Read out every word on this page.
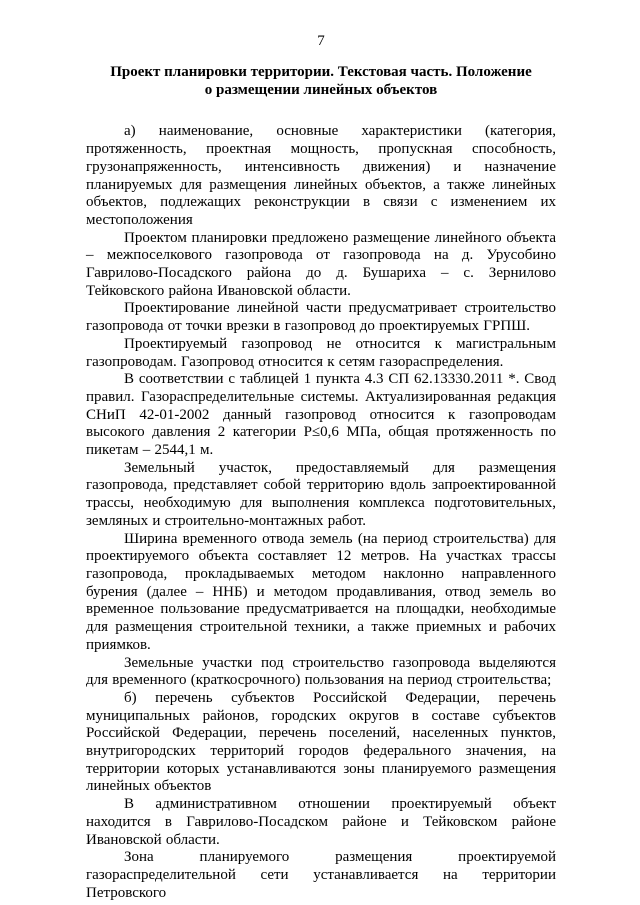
7
Проект планировки территории. Текстовая часть. Положение
о размещении линейных объектов

а) наименование, основные характеристики (категория, протяженность, проектная мощность, пропускная способность, грузонапряженность, интенсивность движения) и назначение планируемых для размещения линейных объектов, а также линейных объектов, подлежащих реконструкции в связи с изменением их местоположения

Проектом планировки предложено размещение линейного объекта – межпоселкового газопровода от газопровода на д. Урусобино Гаврилово-Посадского района до д. Бушариха – с. Зернилово Тейковского района Ивановской области.

Проектирование линейной части предусматривает строительство газопровода от точки врезки в газопровод до проектируемых ГРПШ.

Проектируемый газопровод не относится к магистральным газопроводам. Газопровод относится к сетям газораспределения.

В соответствии с таблицей 1 пункта 4.3 СП 62.13330.2011 *. Свод правил. Газораспределительные системы. Актуализированная редакция СНиП 42-01-2002 данный газопровод относится к газопроводам высокого давления 2 категории Р≤0,6 МПа, общая протяженность по пикетам – 2544,1 м.

Земельный участок, предоставляемый для размещения газопровода, представляет собой территорию вдоль запроектированной трассы, необходимую для выполнения комплекса подготовительных, земляных и строительно-монтажных работ.

Ширина временного отвода земель (на период строительства) для проектируемого объекта составляет 12 метров. На участках трассы газопровода, прокладываемых методом наклонно направленного бурения (далее – ННБ) и методом продавливания, отвод земель во временное пользование предусматривается на площадки, необходимые для размещения строительной техники, а также приемных и рабочих приямков.

Земельные участки под строительство газопровода выделяются для временного (краткосрочного) пользования на период строительства;

б) перечень субъектов Российской Федерации, перечень муниципальных районов, городских округов в составе субъектов Российской Федерации, перечень поселений, населенных пунктов, внутригородских территорий городов федерального значения, на территории которых устанавливаются зоны планируемого размещения линейных объектов

В административном отношении проектируемый объект находится в Гаврилово-Посадском районе и Тейковском районе Ивановской области.

Зона планируемого размещения проектируемой газораспределительной сети устанавливается на территории Петровского
